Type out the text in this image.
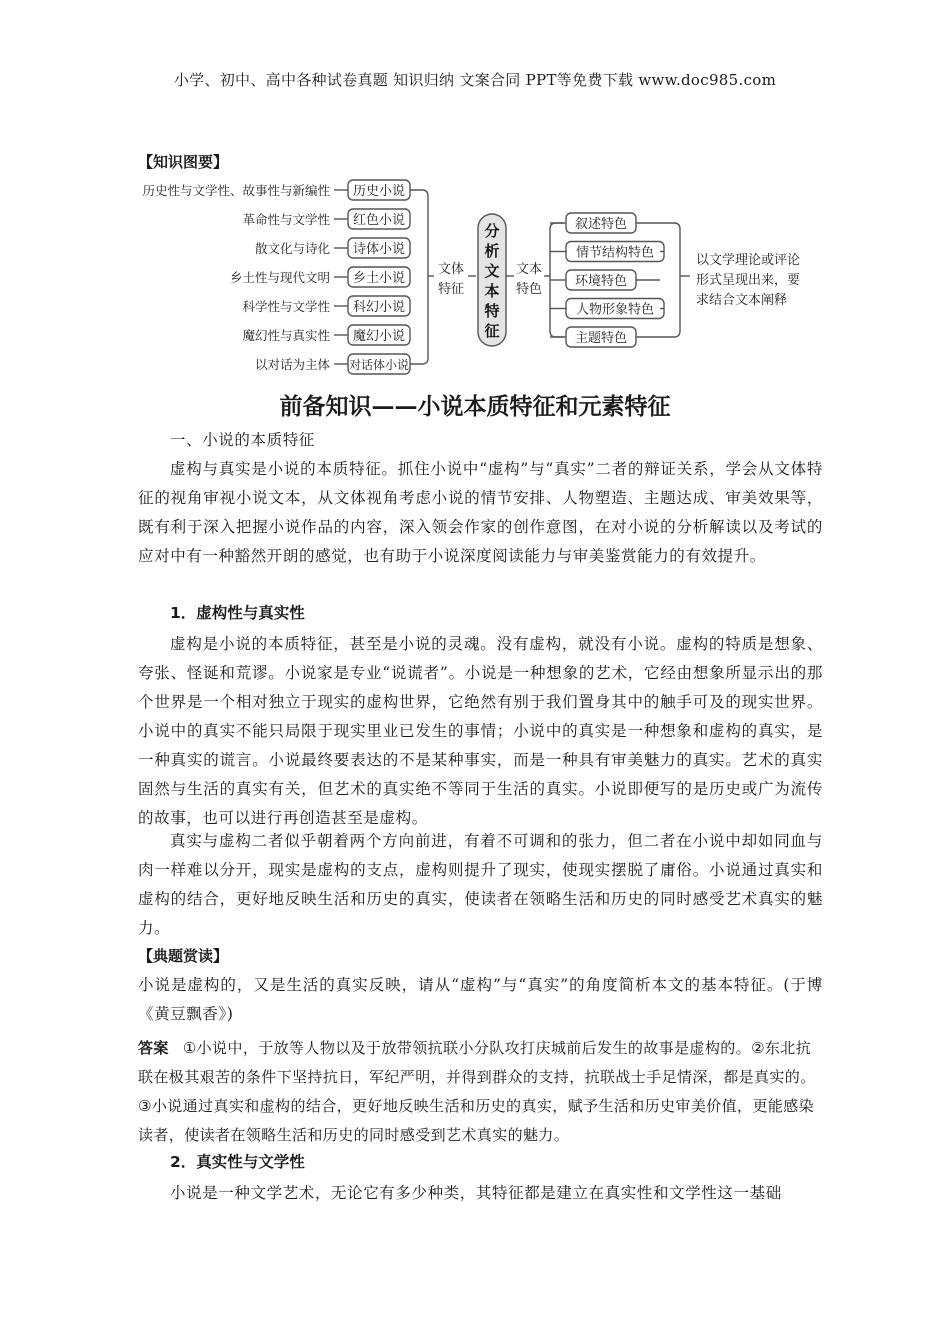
小学、初中、高中各种试卷真题 知识归纳 文案合同 PPT等免费下载 www.doc985.com
【知识图要】
历史性与文学性、故事性与新编性 历史小说
革命性与文学性 红色小说
散文化与诗化 诗体小说
乡土性与现代文明 乡土小说
科学性与文学性 科幻小说
魔幻性与真实性 魔幻小说
以对话为主体 对话体小说
文体
特征
分
析
文
本
特
征
文本
特色
叙述特色
情节结构特色
环境特色
人物形象特色
主题特色
以文学理论或评论
形式呈现出来，要
求结合文本阐释
前备知识——小说本质特征和元素特征
一、小说的本质特征

虚构与真实是小说的本质特征。抓住小说中“虚构”与“真实”二者的辩证关系，学会从文体特征的视角审视小说文本，从文体视角考虑小说的情节安排、人物塑造、主题达成、审美效果等，既有利于深入把握小说作品的内容，深入领会作家的创作意图，在对小说的分析解读以及考试的应对中有一种豁然开朗的感觉，也有助于小说深度阅读能力与审美鉴赏能力的有效提升。

1．虚构性与真实性

虚构是小说的本质特征，甚至是小说的灵魂。没有虚构，就没有小说。虚构的特质是想象、夸张、怪诞和荒谬。小说家是专业“说谎者”。小说是一种想象的艺术，它经由想象所显示出的那个世界是一个相对独立于现实的虚构世界，它绝然有别于我们置身其中的触手可及的现实世界。小说中的真实不能只局限于现实里业已发生的事情；小说中的真实是一种想象和虚构的真实，是一种真实的谎言。小说最终要表达的不是某种事实，而是一种具有审美魅力的真实。艺术的真实固然与生活的真实有关，但艺术的真实绝不等同于生活的真实。小说即便写的是历史或广为流传的故事，也可以进行再创造甚至是虚构。

真实与虚构二者似乎朝着两个方向前进，有着不可调和的张力，但二者在小说中却如同血与肉一样难以分开，现实是虚构的支点，虚构则提升了现实，使现实摆脱了庸俗。小说通过真实和虚构的结合，更好地反映生活和历史的真实，使读者在领略生活和历史的同时感受艺术真实的魅力。

【典题赏读】

小说是虚构的，又是生活的真实反映，请从“虚构”与“真实”的角度简析本文的基本特征。(于博《黄豆飘香》)

答案 ①小说中，于放等人物以及于放带领抗联小分队攻打庆城前后发生的故事是虚构的。②东北抗联在极其艰苦的条件下坚持抗日，军纪严明，并得到群众的支持，抗联战士手足情深，都是真实的。③小说通过真实和虚构的结合，更好地反映生活和历史的真实，赋予生活和历史审美价值，更能感染读者，使读者在领略生活和历史的同时感受到艺术真实的魅力。

2．真实性与文学性

小说是一种文学艺术，无论它有多少种类，其特征都是建立在真实性和文学性这一基础
